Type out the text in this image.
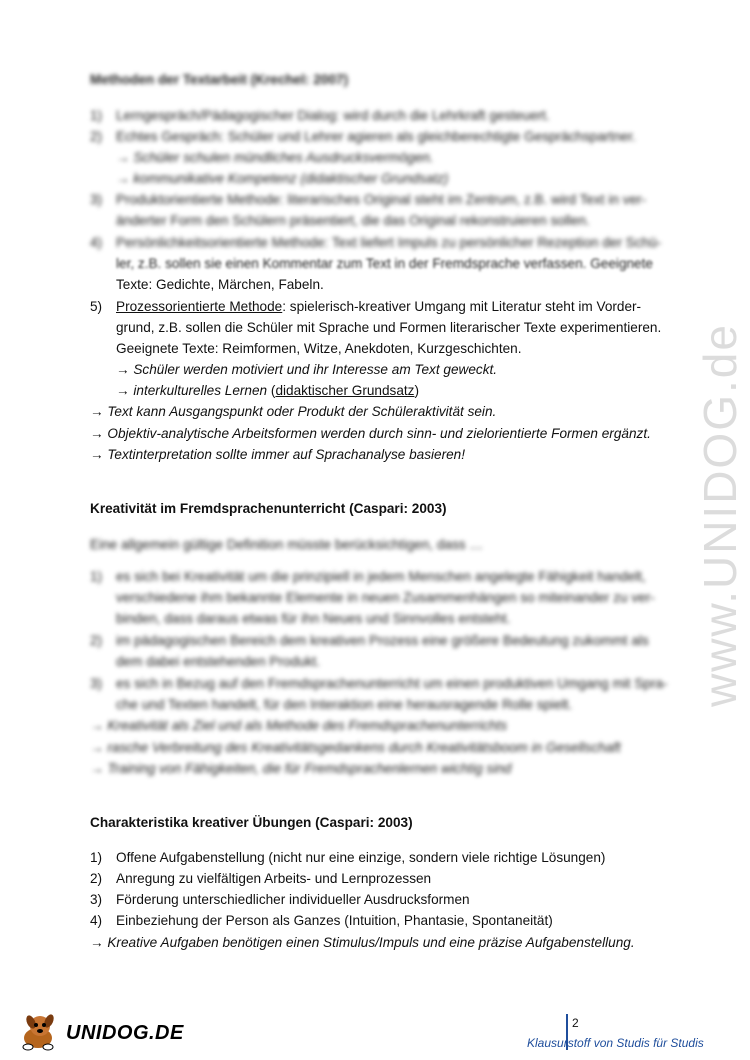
Methoden der Textarbeit (Krechel: 2007)
1) Lerngespräch/Pädagogischer Dialog: wird durch die Lehrkraft gesteuert.
2) Echtes Gespräch: Schüler und Lehrer agieren als gleichberechtigte Gesprächspartner.
→ Schüler schulen mündliches Ausdrucksvermögen.
→ kommunikative Kompetenz (didaktischer Grundsatz)
3) Produktorientierte Methode: literarisches Original steht im Zentrum, z.B. wird Text in ver-
änderter Form den Schülern präsentiert, die das Original rekonstruieren sollen.
4) Persönlichkeitsorientierte Methode: Text liefert Impuls zu persönlicher Rezeption der Schü-
ler, z.B. sollen sie einen Kommentar zum Text in der Fremdsprache verfassen. Geeignete
Texte: Gedichte, Märchen, Fabeln.
5) Prozessorientierte Methode: spielerisch-kreativer Umgang mit Literatur steht im Vorder-
grund, z.B. sollen die Schüler mit Sprache und Formen literarischer Texte experimentieren.
Geeignete Texte: Reimformen, Witze, Anekdoten, Kurzgeschichten.
→ Schüler werden motiviert und ihr Interesse am Text geweckt.
→ interkulturelles Lernen (didaktischer Grundsatz)
→ Text kann Ausgangspunkt oder Produkt der Schüleraktivität sein.
→ Objektiv-analytische Arbeitsformen werden durch sinn- und zielorientierte Formen ergänzt.
→ Textinterpretation sollte immer auf Sprachanalyse basieren!
Kreativität im Fremdsprachenunterricht (Caspari: 2003)
Eine allgemein gültige Definition müsste berücksichtigen, dass …
1) es sich bei Kreativität um die prinzipiell in jedem Menschen angelegte Fähigkeit handelt,
verschiedene ihm bekannte Elemente in neuen Zusammenhängen so miteinander zu ver-
binden, dass daraus etwas für ihn Neues und Sinnvolles entsteht.
2) im pädagogischen Bereich dem kreativen Prozess eine größere Bedeutung zukommt als
dem dabei entstehenden Produkt.
3) es sich in Bezug auf den Fremdsprachenunterricht um einen produktiven Umgang mit Spra-
che und Texten handelt, für den Interaktion eine herausragende Rolle spielt.
→ Kreativität als Ziel und als Methode des Fremdsprachenunterrichts
→ rasche Verbreitung des Kreativitätsgedankens durch Kreativitätsboom in Gesellschaft
→ Training von Fähigkeiten, die für Fremdsprachenlernen wichtig sind
Charakteristika kreativer Übungen (Caspari: 2003)
1) Offene Aufgabenstellung (nicht nur eine einzige, sondern viele richtige Lösungen)
2) Anregung zu vielfältigen Arbeits- und Lernprozessen
3) Förderung unterschiedlicher individueller Ausdrucksformen
4) Einbeziehung der Person als Ganzes (Intuition, Phantasie, Spontaneität)
→ Kreative Aufgaben benötigen einen Stimulus/Impuls und eine präzise Aufgabenstellung.
www.UNIDOG.de
UNIDOG.DE	2
Klausurstoff von Studis für Studis
